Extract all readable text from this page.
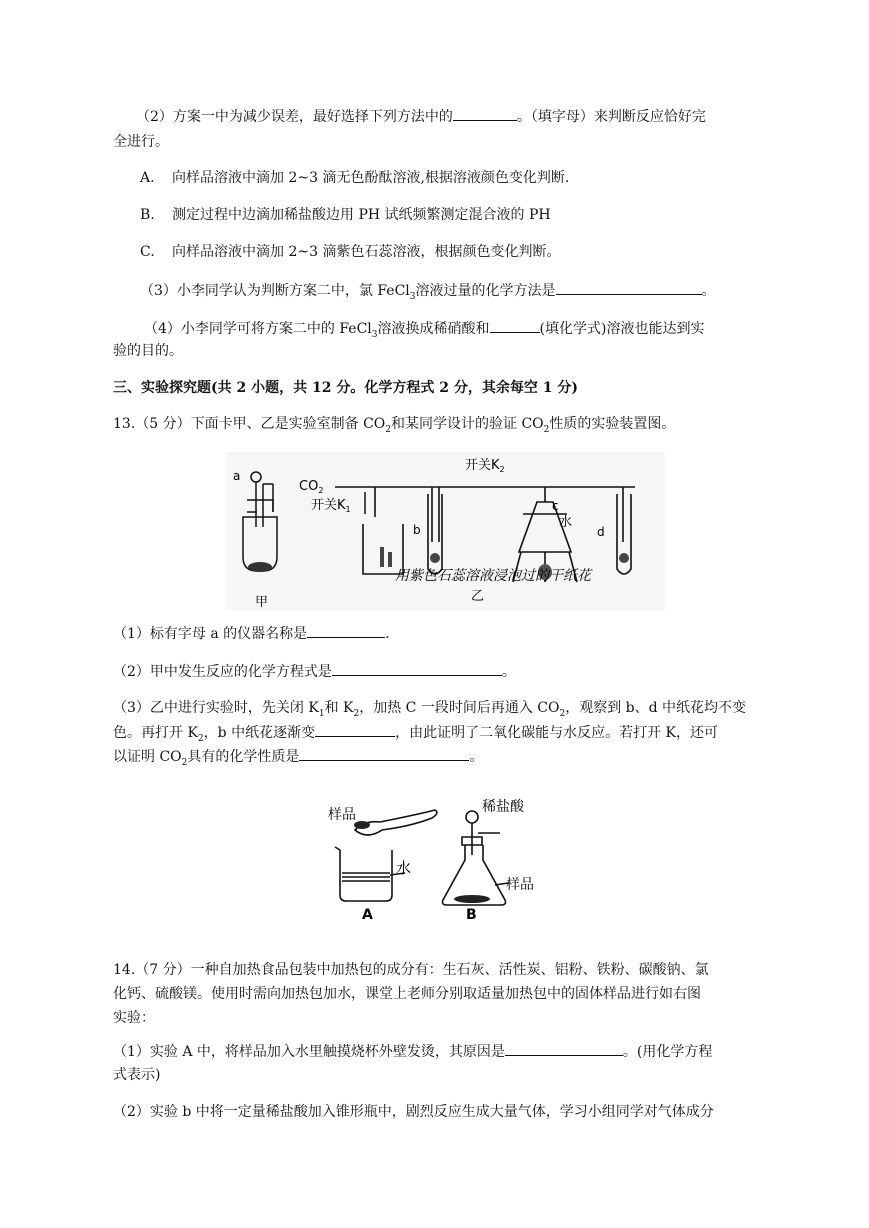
（2）方案一中为减少误差，最好选择下列方法中的	。（填字母）来判断反应恰好完
全进行。
A. 向样品溶液中滴加 2~3 滴无色酚酞溶液,根据溶液颜色变化判断.
B. 测定过程中边滴加稀盐酸边用 PH 试纸频繁测定混合液的 PH
C. 向样品溶液中滴加 2~3 滴紫色石蕊溶液，根据颜色变化判断。
（3）小李同学认为判断方案二中，氯 FeCl$_3$溶液过量的化学方法是	。
（4）小李同学可将方案二中的 FeCl$_3$溶液换成稀硝酸和	(填化学式)溶液也能达到实
验的目的。
三、实验探究题(共 2 小题，共 12 分。化学方程式 2 分，其余每空 1 分)
13.（5 分）下面卡甲、乙是实验室制备 $CO_2$和某同学设计的验证 $CO_2$性质的实验装置图。
a
甲
$CO_2$
开关$K_1$
开关$K_2$
b
c
水
d
用紫色石蕊溶液浸泡过的干纸花
乙
（1）标有字母 a 的仪器名称是	.
（2）甲中发生反应的化学方程式是	。
（3）乙中进行实验时，先关闭 $K_1$和 $K_2$，加热 C 一段时间后再通入 $CO_2$，观察到 b、d 中纸花均不变
色。再打开 $K_2$，b 中纸花逐渐变	，由此证明了二氧化碳能与水反应。若打开 K，还可
以证明 $CO_2$具有的化学性质是	。
样品
水
稀盐酸
样品
A	B
14.（7 分）一种自加热食品包装中加热包的成分有：生石灰、活性炭、铝粉、铁粉、碳酸钠、氯
化钙、硫酸镁。使用时需向加热包加水，课堂上老师分别取适量加热包中的固体样品进行如右图
实验：
（1）实验 A 中，将样品加入水里触摸烧杯外壁发烫，其原因是	。(用化学方程
式表示)
（2）实验 b 中将一定量稀盐酸加入锥形瓶中，剧烈反应生成大量气体，学习小组同学对气体成分
